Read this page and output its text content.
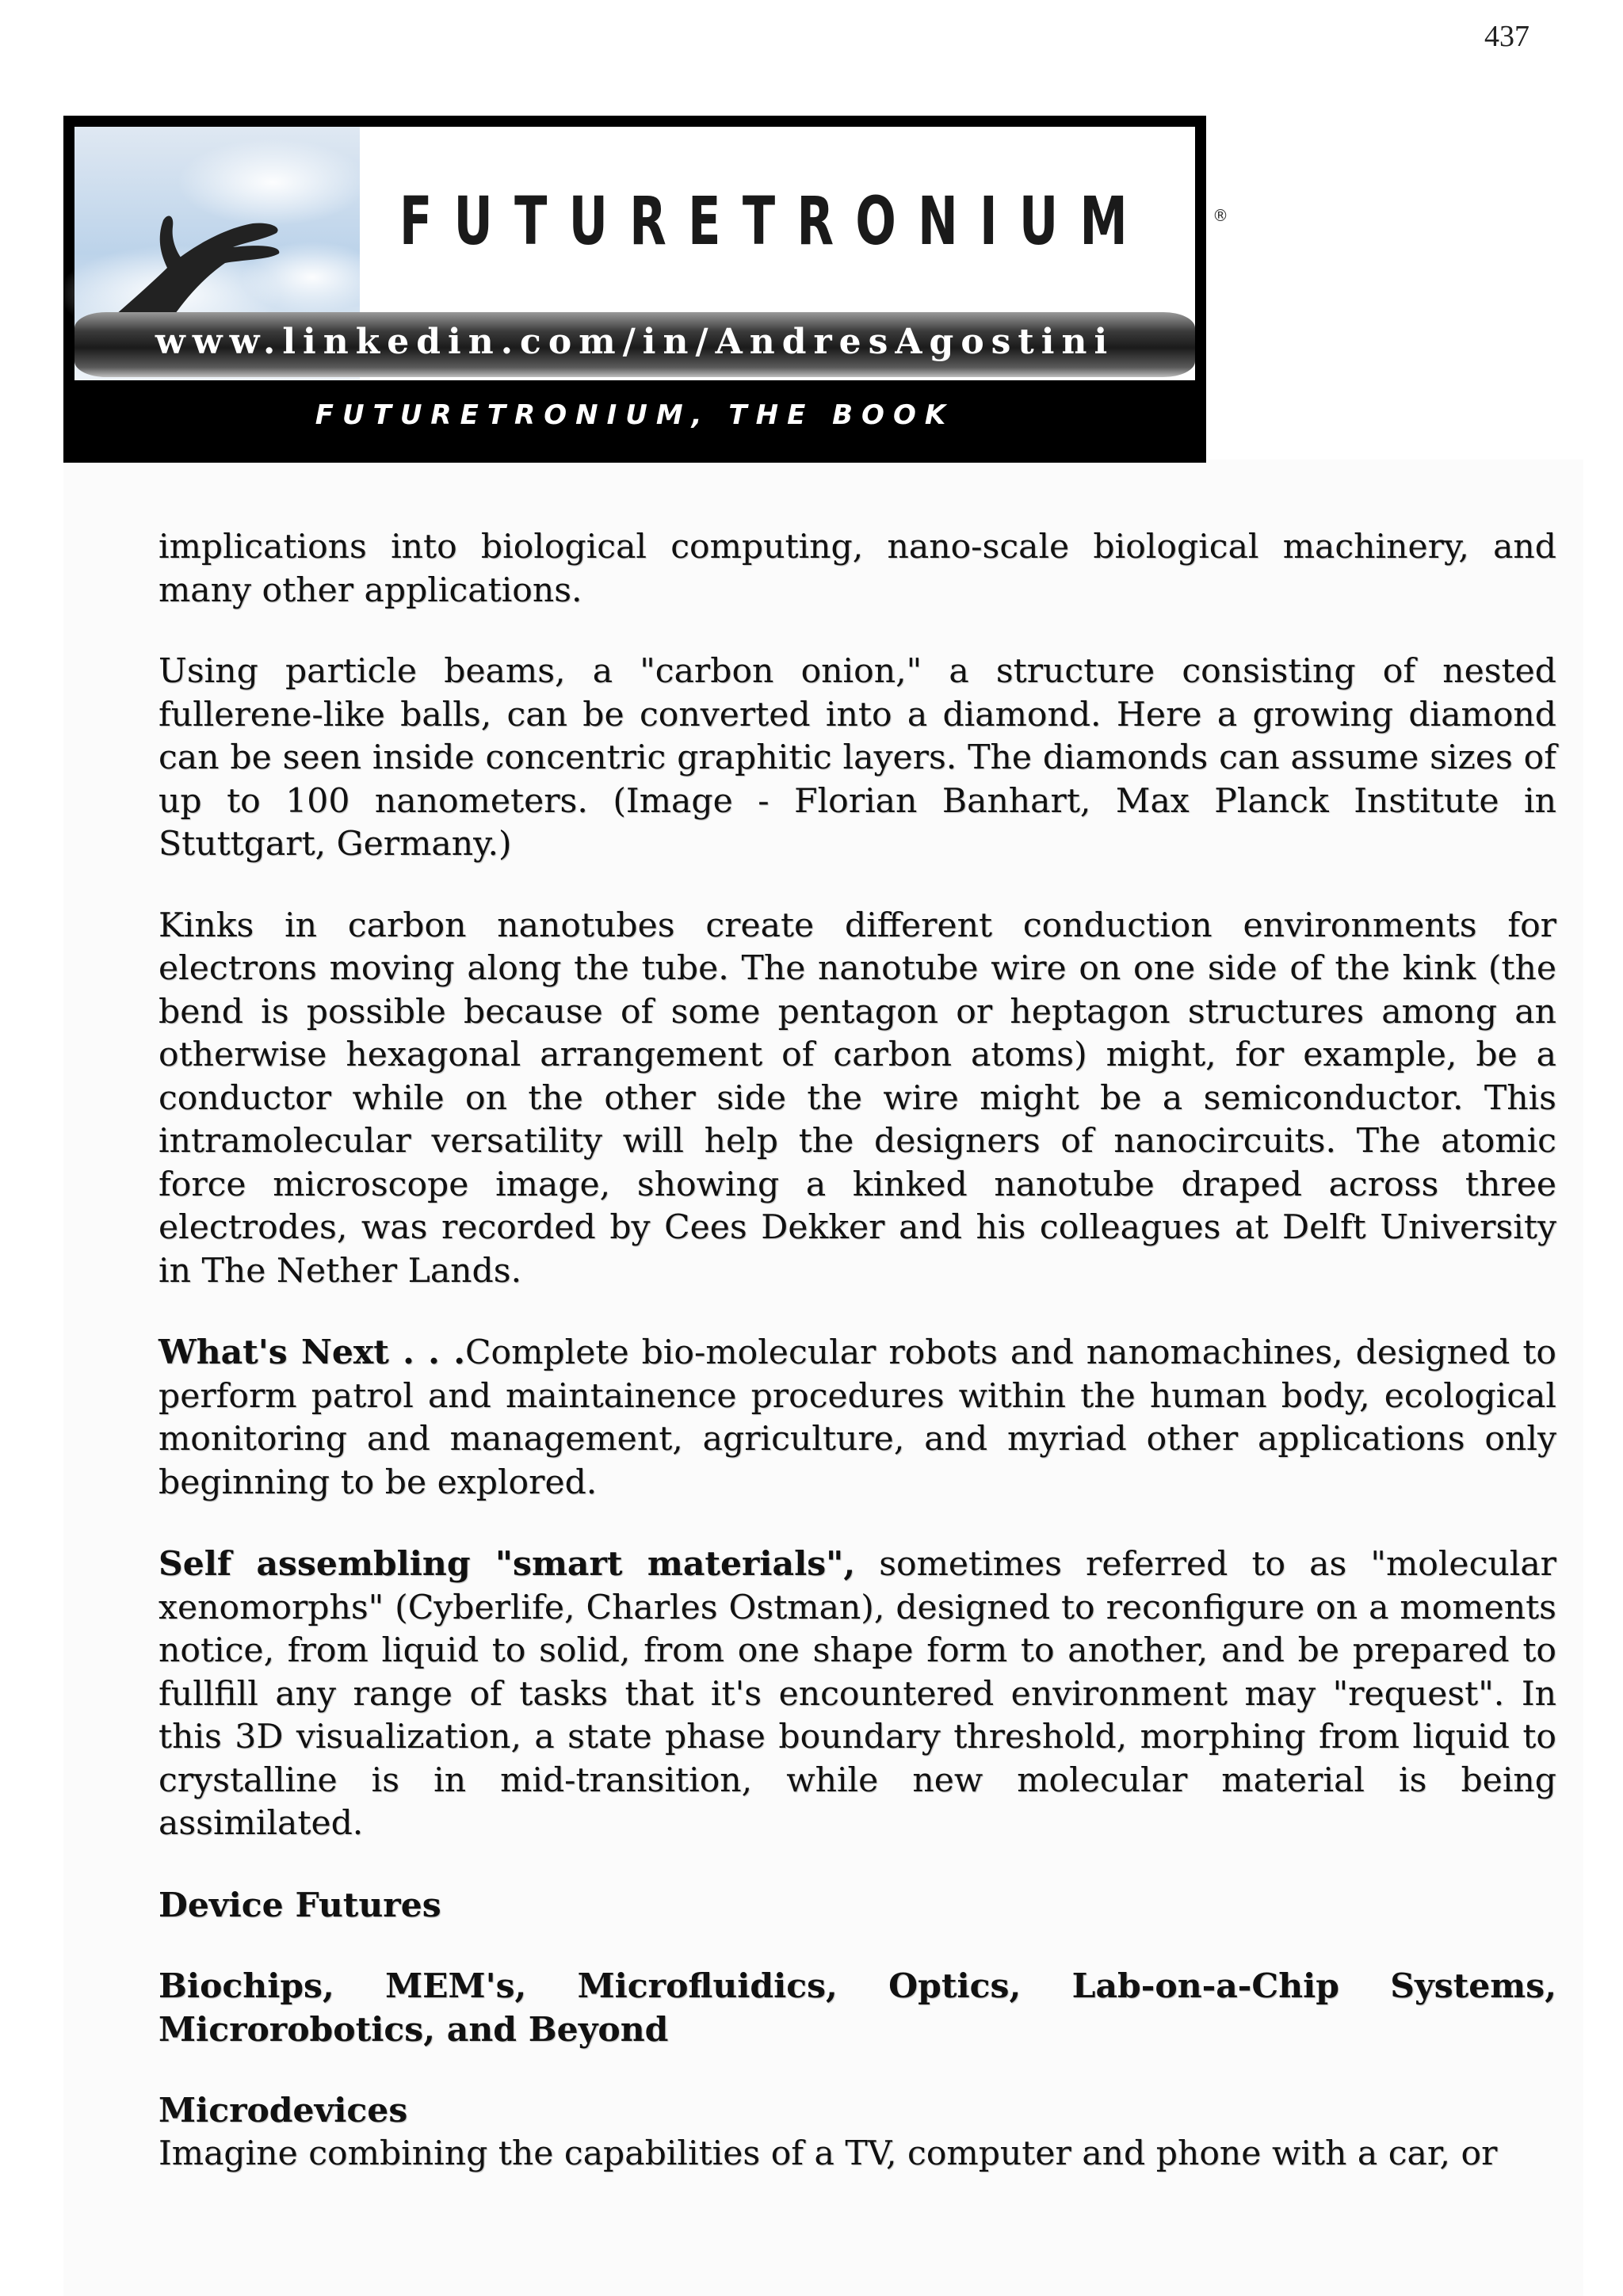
437
FUTURETRONIUM	®
www.linkedin.com/in/AndresAgostini
FUTURETRONIUM, THE BOOK

implications into biological computing, nano-scale biological machinery, and many other applications.

Using particle beams, a "carbon onion," a structure consisting of nested fullerene-like balls, can be converted into a diamond. Here a growing diamond can be seen inside concentric graphitic layers. The diamonds can assume sizes of up to 100 nanometers. (Image - Florian Banhart, Max Planck Institute in Stuttgart, Germany.)

Kinks in carbon nanotubes create different conduction environments for electrons moving along the tube. The nanotube wire on one side of the kink (the bend is possible because of some pentagon or heptagon structures among an otherwise hexagonal arrangement of carbon atoms) might, for example, be a conductor while on the other side the wire might be a semiconductor. This intramolecular versatility will help the designers of nanocircuits. The atomic force microscope image, showing a kinked nanotube draped across three electrodes, was recorded by Cees Dekker and his colleagues at Delft University in The Nether Lands.

What's Next . . .Complete bio-molecular robots and nanomachines, designed to perform patrol and maintainence procedures within the human body, ecological monitoring and management, agriculture, and myriad other applications only beginning to be explored.

Self assembling "smart materials", sometimes referred to as "molecular xenomorphs" (Cyberlife, Charles Ostman), designed to reconfigure on a moments notice, from liquid to solid, from one shape form to another, and be prepared to fullfill any range of tasks that it's encountered environment may "request". In this 3D visualization, a state phase boundary threshold, morphing from liquid to crystalline is in mid-transition, while new molecular material is being assimilated.

Device Futures

Biochips, MEM's, Microfluidics, Optics, Lab-on-a-Chip Systems, Microrobotics, and Beyond

Microdevices

Imagine combining the capabilities of a TV, computer and phone with a car, or
